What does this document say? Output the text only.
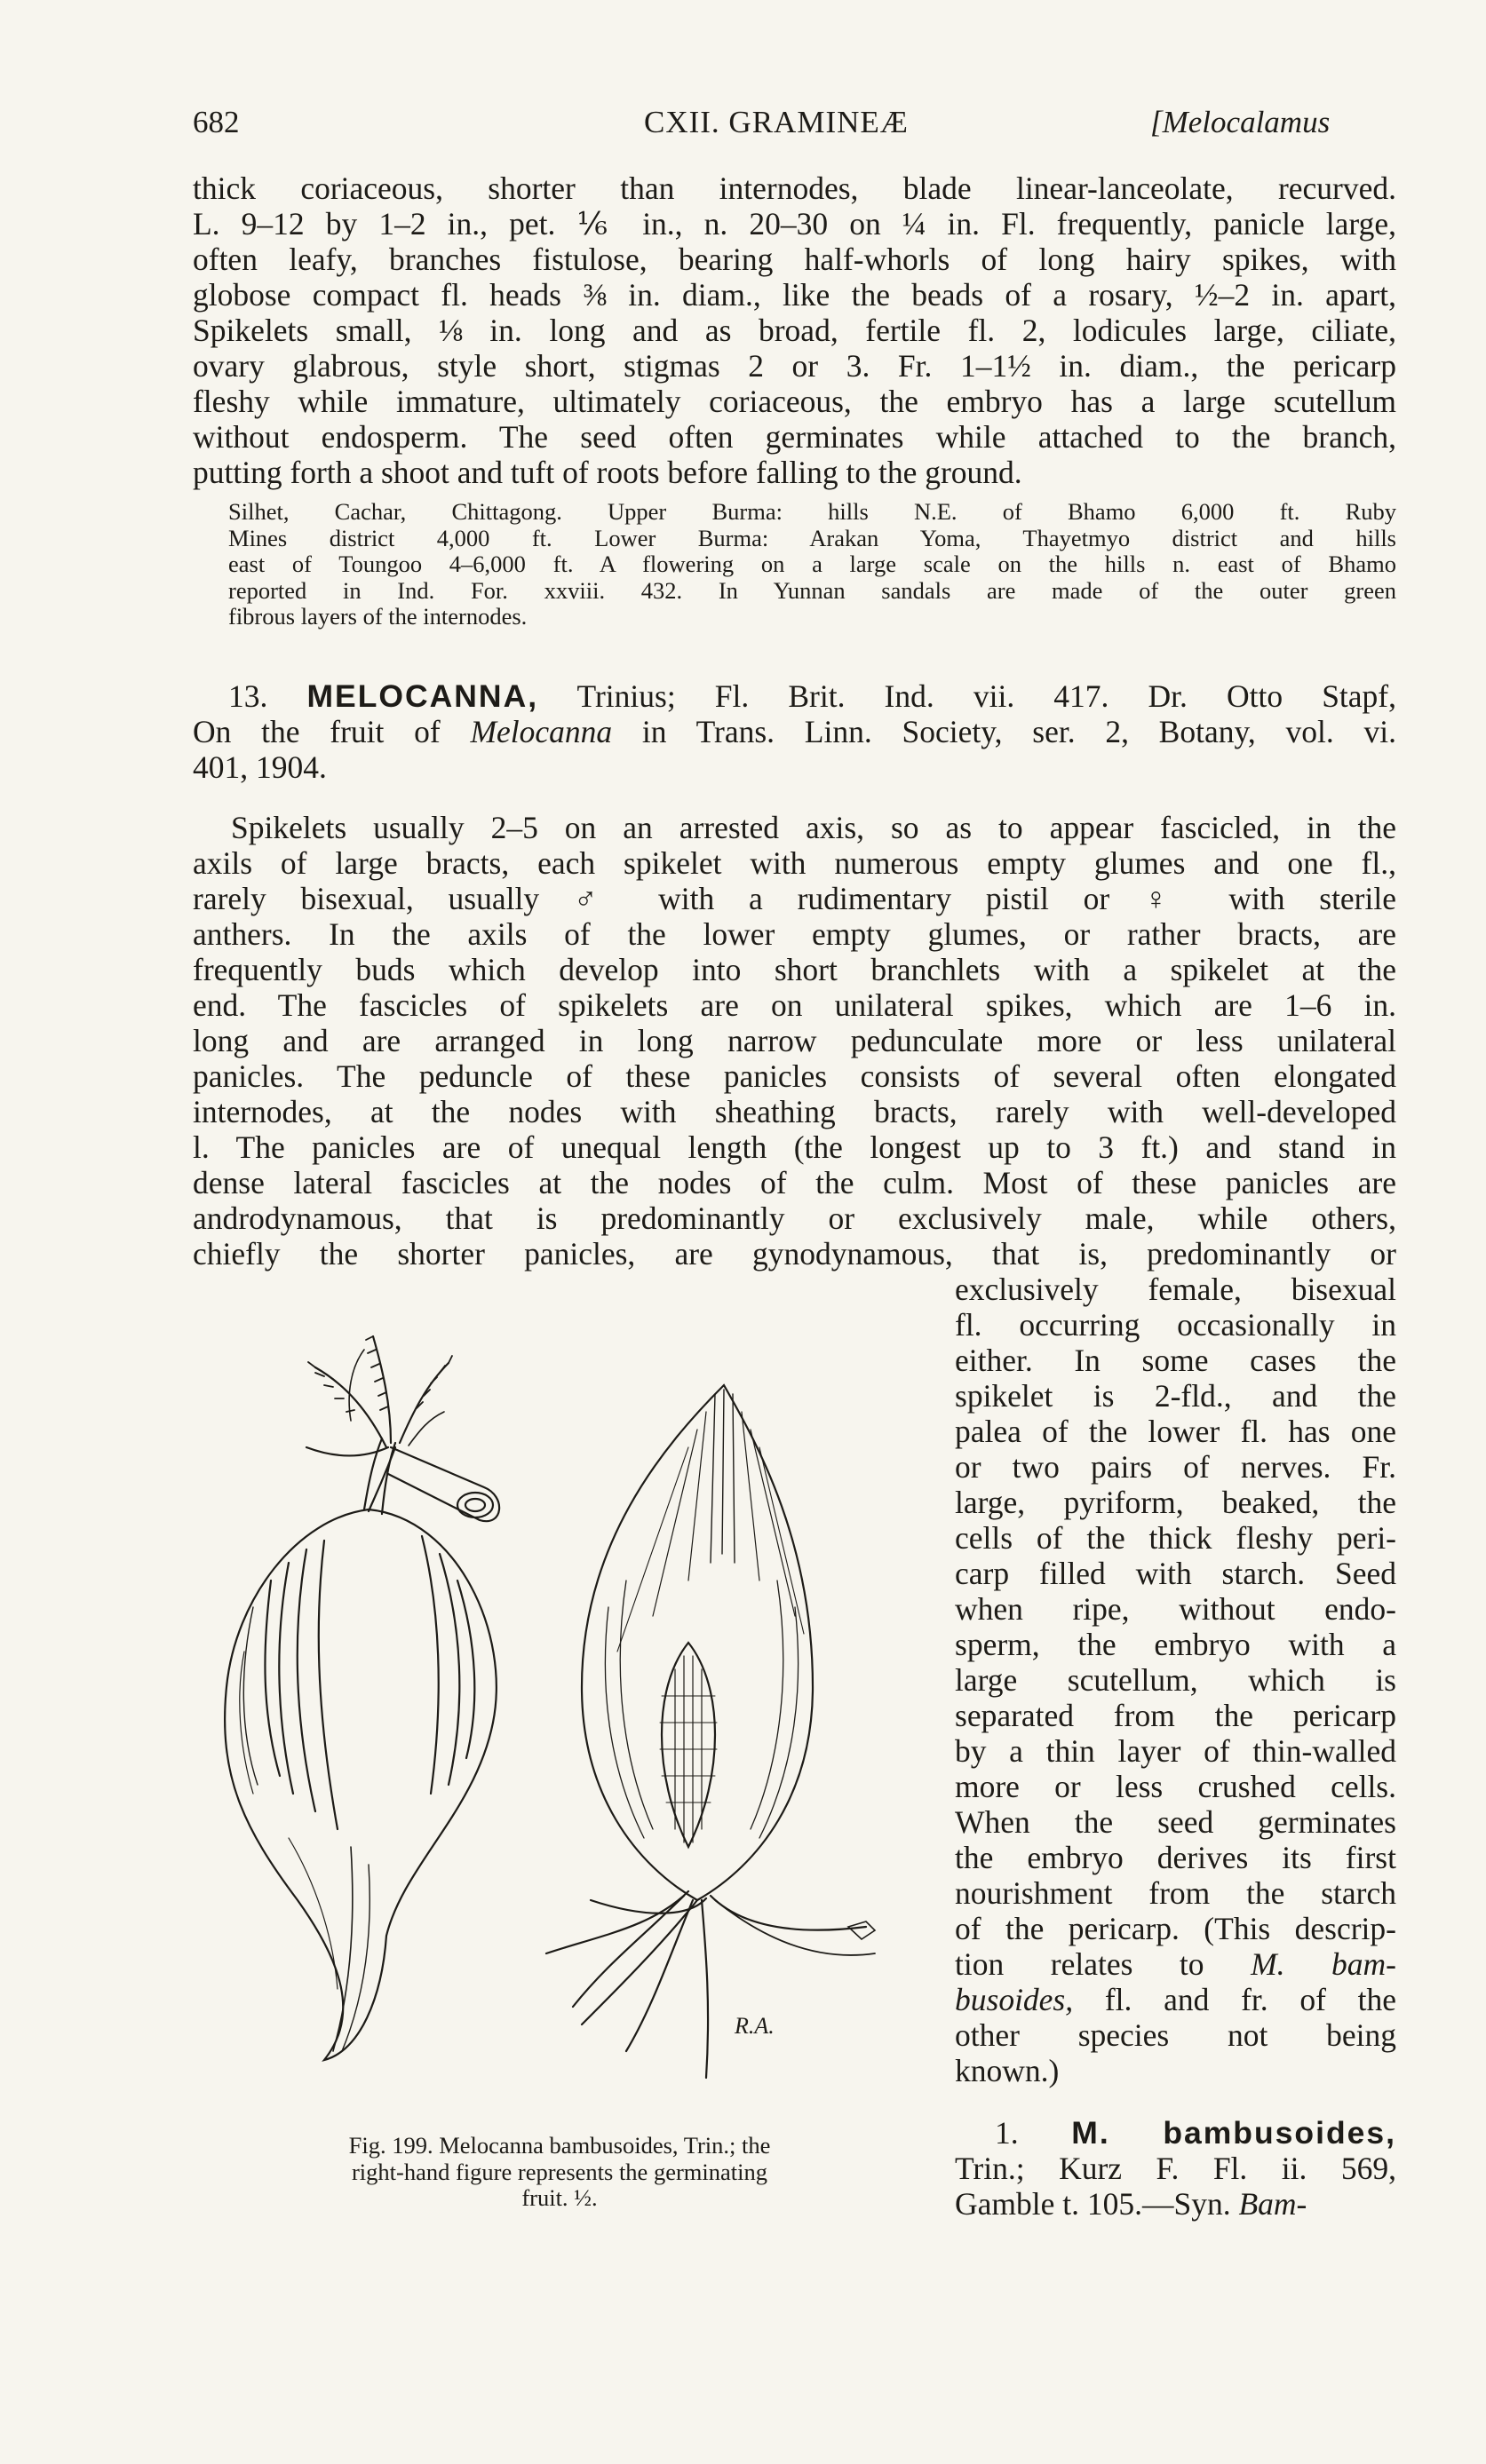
682	CXII. GRAMINEÆ	[Melocalamus
thick coriaceous, shorter than internodes, blade linear-lanceolate, recurved.
L. 9–12 by 1–2 in., pet. ⅙ in., n. 20–30 on ¼ in. Fl. frequently, panicle large,
often leafy, branches fistulose, bearing half-whorls of long hairy spikes, with
globose compact fl. heads ⅜ in. diam., like the beads of a rosary, ½–2 in. apart,
Spikelets small, ⅛ in. long and as broad, fertile fl. 2, lodicules large, ciliate,
ovary glabrous, style short, stigmas 2 or 3. Fr. 1–1½ in. diam., the pericarp
fleshy while immature, ultimately coriaceous, the embryo has a large scutellum
without endosperm. The seed often germinates while attached to the branch,
putting forth a shoot and tuft of roots before falling to the ground.
Silhet, Cachar, Chittagong. Upper Burma: hills N.E. of Bhamo 6,000 ft. Ruby
Mines district 4,000 ft. Lower Burma: Arakan Yoma, Thayetmyo district and hills
east of Toungoo 4–6,000 ft. A flowering on a large scale on the hills n. east of Bhamo
reported in Ind. For. xxviii. 432. In Yunnan sandals are made of the outer green
fibrous layers of the internodes.
13. MELOCANNA, Trinius; Fl. Brit. Ind. vii. 417. Dr. Otto Stapf,
On the fruit of Melocanna in Trans. Linn. Society, ser. 2, Botany, vol. vi.
401, 1904.
Spikelets usually 2–5 on an arrested axis, so as to appear fascicled, in the
axils of large bracts, each spikelet with numerous empty glumes and one fl.,
rarely bisexual, usually ♂ with a rudimentary pistil or ♀ with sterile
anthers. In the axils of the lower empty glumes, or rather bracts, are
frequently buds which develop into short branchlets with a spikelet at the
end. The fascicles of spikelets are on unilateral spikes, which are 1–6 in.
long and are arranged in long narrow pedunculate more or less unilateral
panicles. The peduncle of these panicles consists of several often elongated
internodes, at the nodes with sheathing bracts, rarely with well-developed
l. The panicles are of unequal length (the longest up to 3 ft.) and stand in
dense lateral fascicles at the nodes of the culm. Most of these panicles are
androdynamous, that is predominantly or exclusively male, while others,
chiefly the shorter panicles, are gynodynamous, that is, predominantly or
exclusively female, bisexual
fl. occurring occasionally in
either. In some cases the
spikelet is 2-fld., and the
palea of the lower fl. has one
or two pairs of nerves. Fr.
large, pyriform, beaked, the
cells of the thick fleshy peri-
carp filled with starch. Seed
when ripe, without endo-
sperm, the embryo with a
large scutellum, which is
separated from the pericarp
by a thin layer of thin-walled
more or less crushed cells.
When the seed germinates
the embryo derives its first
nourishment from the starch
of the pericarp. (This descrip-
tion relates to M. bam-
busoides, fl. and fr. of the
other species not being
known.)
1. M. bambusoides,
Trin.; Kurz F. Fl. ii. 569,
Gamble t. 105.—Syn. Bam-
R.A.
Fig. 199. Melocanna bambusoides, Trin.; the
right-hand figure represents the germinating
fruit. ½.
